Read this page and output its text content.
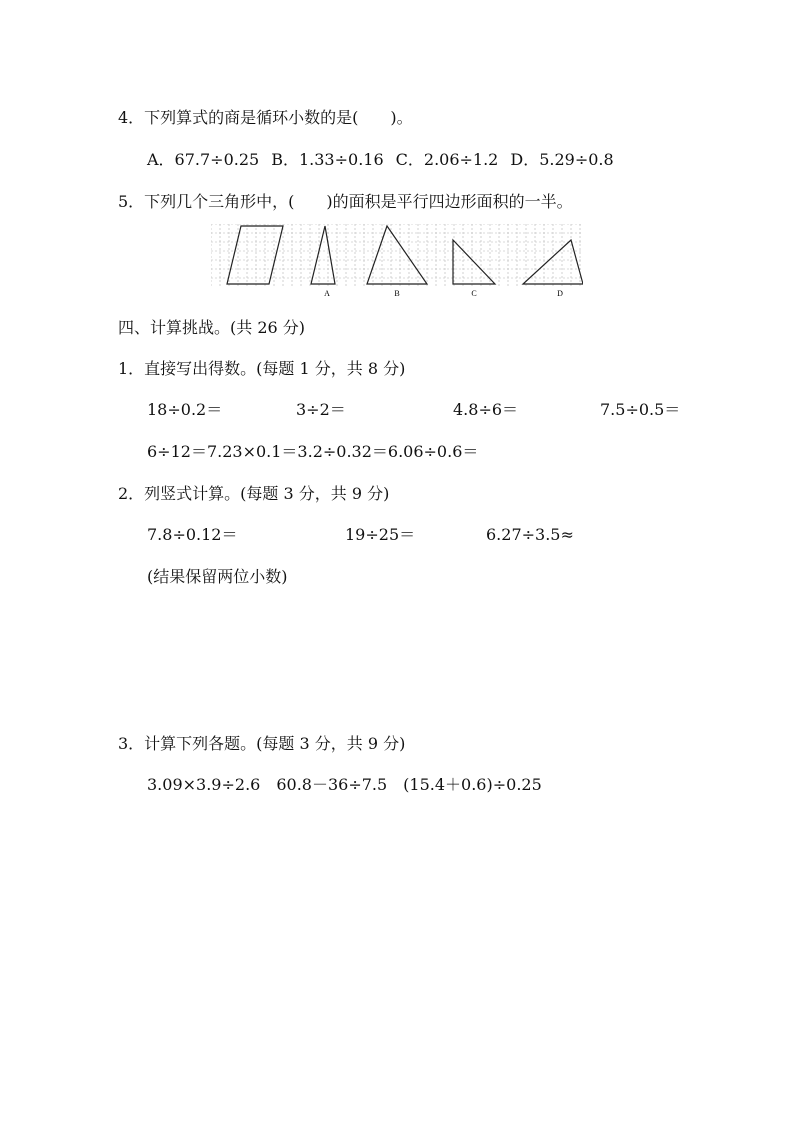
4．下列算式的商是循环小数的是(　　)。
A．67.7÷0.25 B．1.33÷0.16 C．2.06÷1.2 D．5.29÷0.8
5．下列几个三角形中，(　　)的面积是平行四边形面积的一半。
A	B	C	D
四、计算挑战。(共 26 分)
1．直接写出得数。(每题 1 分，共 8 分)
18÷0.2＝	3÷2＝	4.8÷6＝	7.5÷0.5＝
6÷12＝7.23×0.1＝3.2÷0.32＝6.06÷0.6＝
2．列竖式计算。(每题 3 分，共 9 分)
7.8÷0.12＝	19÷25＝	6.27÷3.5≈
(结果保留两位小数)
3．计算下列各题。(每题 3 分，共 9 分)
3.09×3.9÷2.6 60.8－36÷7.5 (15.4＋0.6)÷0.25
